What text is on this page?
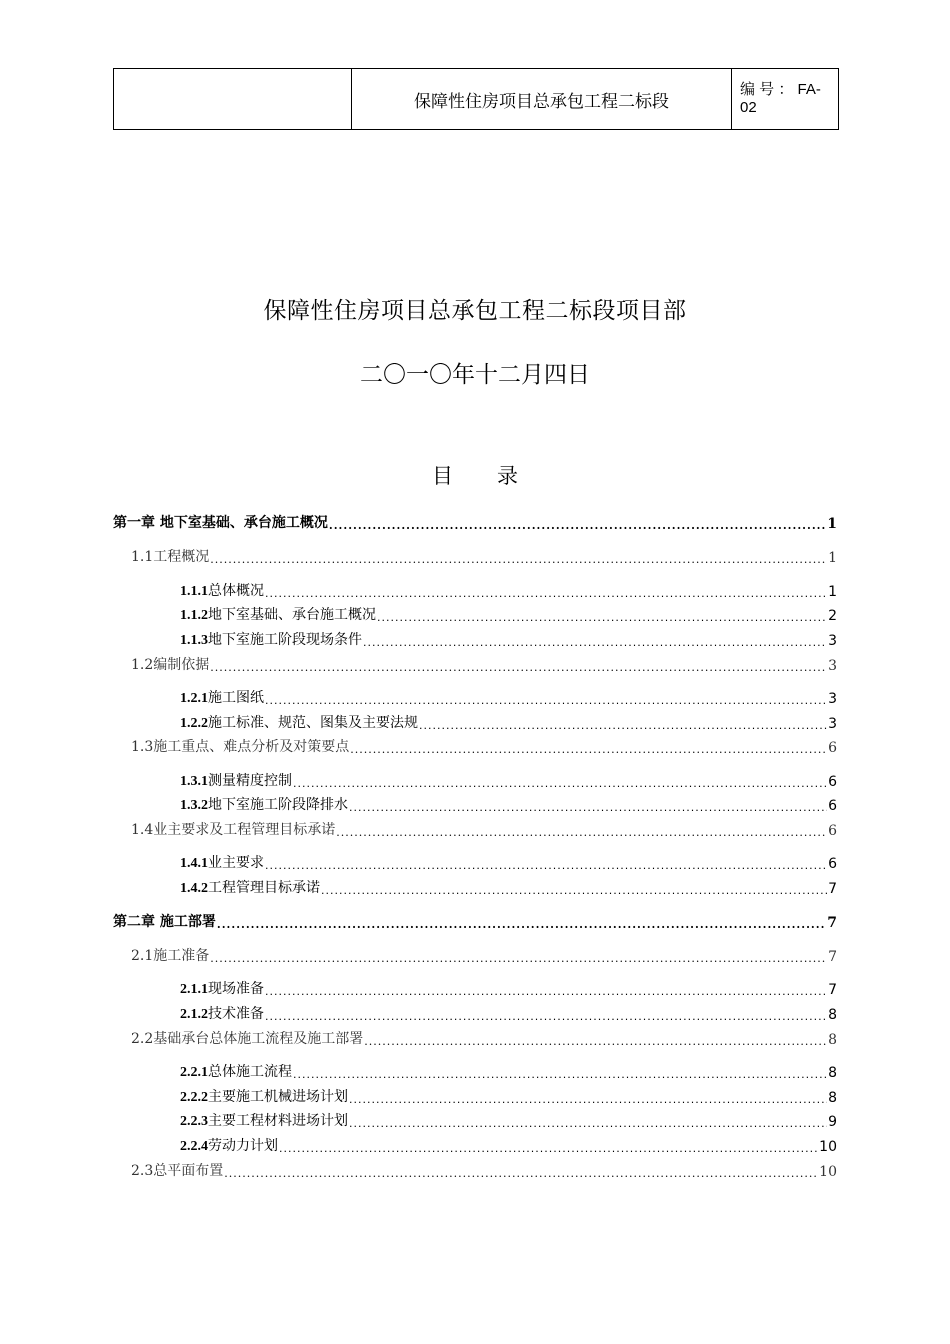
保障性住房项目总承包工程二标段
编 号 ： FA-
02
保障性住房项目总承包工程二标段项目部
二〇一〇年十二月四日
目录
第一章 地下室基础、承台施工概况 .....	1
1.1工程概况 .....	1
1.1.1总体概况 .....	1
1.1.2地下室基础、承台施工概况 .....	2
1.1.3地下室施工阶段现场条件 .....	3
1.2编制依据 .....	3
1.2.1施工图纸 .....	3
1.2.2施工标准、规范、图集及主要法规 .....	3
1.3施工重点、难点分析及对策要点 .....	6
1.3.1测量精度控制 .....	6
1.3.2地下室施工阶段降排水 .....	6
1.4业主要求及工程管理目标承诺 .....	6
1.4.1业主要求 .....	6
1.4.2工程管理目标承诺 .....	7
第二章 施工部署 .....	7
2.1施工准备 .....	7
2.1.1现场准备 .....	7
2.1.2技术准备 .....	8
2.2基础承台总体施工流程及施工部署 .....	8
2.2.1总体施工流程 .....	8
2.2.2主要施工机械进场计划 .....	8
2.2.3主要工程材料进场计划 .....	9
2.2.4劳动力计划 .....	10
2.3总平面布置 .....	10
